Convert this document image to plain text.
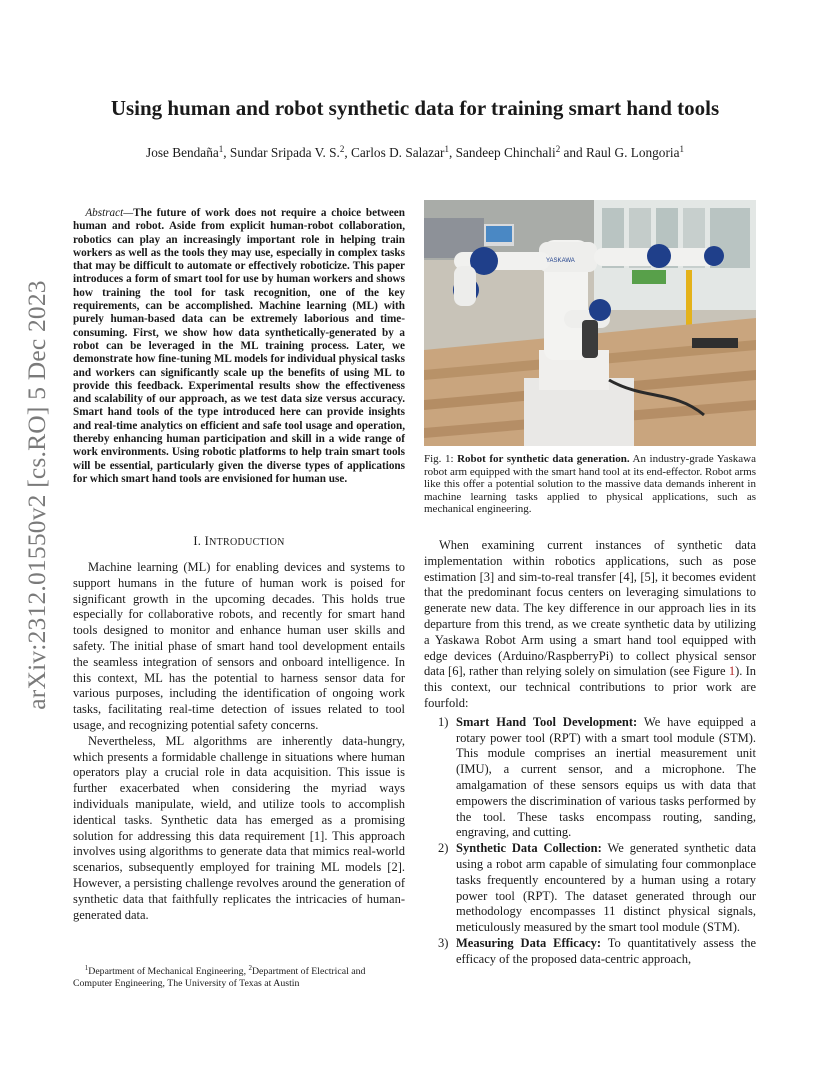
arXiv:2312.01550v2 [cs.RO] 5 Dec 2023
Using human and robot synthetic data for training smart hand tools
Jose Bendaña$^1$, Sundar Sripada V. S.$^2$, Carlos D. Salazar$^1$, Sandeep Chinchali$^2$ and Raul G. Longoria$^1$
Abstract—The future of work does not require a choice between human and robot. Aside from explicit human-robot collaboration, robotics can play an increasingly important role in helping train workers as well as the tools they may use, especially in complex tasks that may be difficult to automate or effectively roboticize. This paper introduces a form of smart tool for use by human workers and shows how training the tool for task recognition, one of the key requirements, can be accomplished. Machine learning (ML) with purely human-based data can be extremely laborious and time-consuming. First, we show how data synthetically-generated by a robot can be leveraged in the ML training process. Later, we demonstrate how fine-tuning ML models for individual physical tasks and workers can significantly scale up the benefits of using ML to provide this feedback. Experimental results show the effectiveness and scalability of our approach, as we test data size versus accuracy. Smart hand tools of the type introduced here can provide insights and real-time analytics on efficient and safe tool usage and operation, thereby enhancing human participation and skill in a wide range of work environments. Using robotic platforms to help train smart tools will be essential, particularly given the diverse types of applications for which smart hand tools are envisioned for human use.
I. INTRODUCTION

Machine learning (ML) for enabling devices and systems to support humans in the future of human work is poised for significant growth in the upcoming decades. This holds true especially for collaborative robots, and recently for smart hand tools designed to monitor and enhance human user skills and safety. The initial phase of smart hand tool development entails the seamless integration of sensors and onboard intelligence. In this context, ML has the potential to harness sensor data for various purposes, including the identification of ongoing work tasks, facilitating real-time detection of issues related to tool usage, and recognizing potential safety concerns.

Nevertheless, ML algorithms are inherently data-hungry, which presents a formidable challenge in situations where human operators play a crucial role in data acquisition. This issue is further exacerbated when considering the myriad ways individuals manipulate, wield, and utilize tools to accomplish identical tasks. Synthetic data has emerged as a promising solution for addressing this data requirement [1]. This approach involves using algorithms to generate data that mimics real-world scenarios, subsequently employed for training ML models [2]. However, a persisting challenge revolves around the generation of synthetic data that faithfully replicates the intricacies of human-generated data.

$^1$Department of Mechanical Engineering, $^2$Department of Electrical and Computer Engineering, The University of Texas at Austin
YASKAWA
Fig. 1: Robot for synthetic data generation. An industry-grade Yaskawa robot arm equipped with the smart hand tool at its end-effector. Robot arms like this offer a potential solution to the massive data demands inherent in machine learning tasks applied to physical applications, such as mechanical engineering.

When examining current instances of synthetic data implementation within robotics applications, such as pose estimation [3] and sim-to-real transfer [4], [5], it becomes evident that the predominant focus centers on leveraging simulations to generate new data. The key difference in our approach lies in its departure from this trend, as we create synthetic data by utilizing a Yaskawa Robot Arm using a smart hand tool equipped with edge devices (Arduino/RaspberryPi) to collect physical sensor data [6], rather than relying solely on simulation (see Figure 1). In this context, our technical contributions to prior work are fourfold:

1) Smart Hand Tool Development: We have equipped a rotary power tool (RPT) with a smart tool module (STM). This module comprises an inertial measurement unit (IMU), a current sensor, and a microphone. The amalgamation of these sensors equips us with data that empowers the discrimination of various tasks performed by the tool. These tasks encompass routing, sanding, engraving, and cutting.
2) Synthetic Data Collection: We generated synthetic data using a robot arm capable of simulating four commonplace tasks frequently encountered by a human using a rotary power tool (RPT). The dataset generated through our methodology encompasses 11 distinct physical signals, meticulously measured by the smart tool module (STM).
3) Measuring Data Efficacy: To quantitatively assess the efficacy of the proposed data-centric approach,
